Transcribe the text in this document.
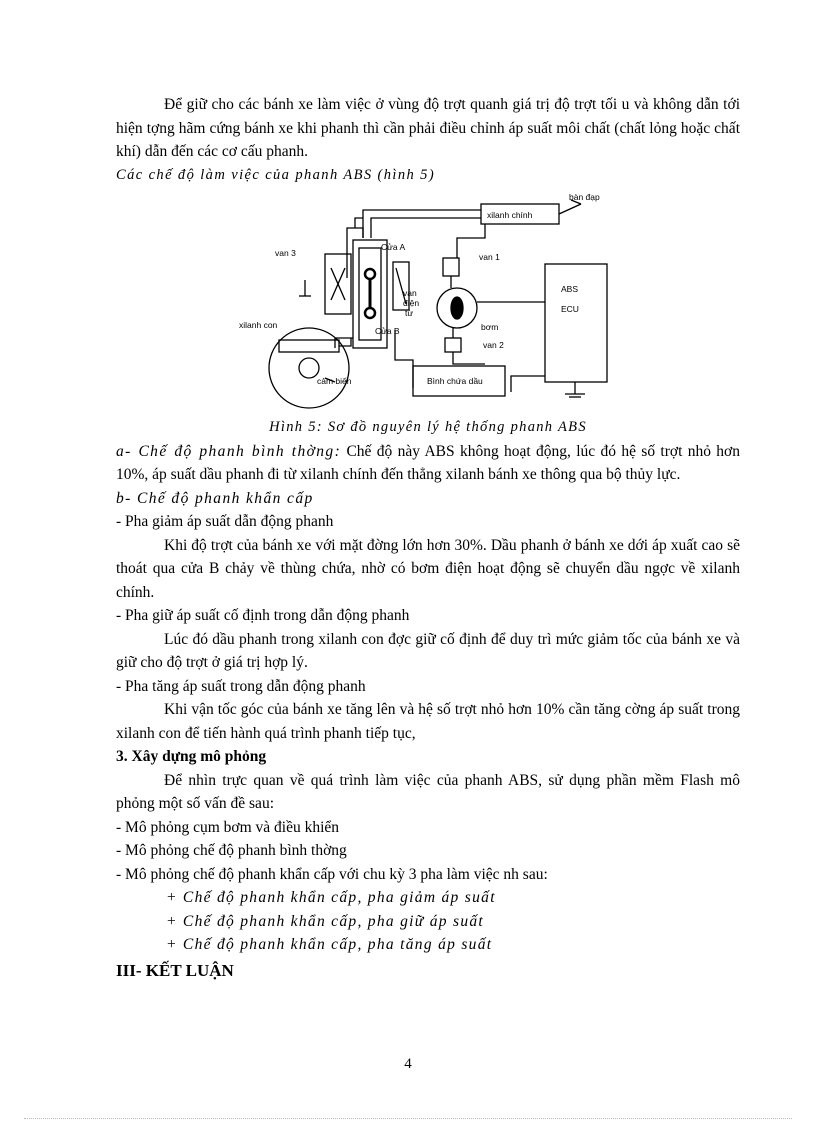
Để giữ cho các bánh xe làm việc ở vùng độ trợt quanh giá trị độ trợt tối u và không dẫn tới hiện tợng hãm cứng bánh xe khi phanh thì cần phải điều chỉnh áp suất môi chất (chất lỏng hoặc chất khí) dẫn đến các cơ cấu phanh.

Các chế độ làm việc của phanh ABS (hình 5)

bàn đạp
xilanh chính
van 3
Cửa A
van 1
ABS
ECU
van
điện
từ
xilanh con
Cửa B	bơm
van 2
cảm biến	Bình chứa dầu

Hình 5: Sơ đồ nguyên lý hệ thống phanh ABS

a- Chế độ phanh bình thờng: Chế độ này ABS không hoạt động, lúc đó hệ số trợt nhỏ hơn 10%, áp suất dầu phanh đi từ xilanh chính đến thẳng xilanh bánh xe thông qua bộ thủy lực.

b- Chế độ phanh khẩn cấp

- Pha giảm áp suất dẫn động phanh

Khi độ trợt của bánh xe với mặt đờng lớn hơn 30%. Dầu phanh ở bánh xe dới áp xuất cao sẽ thoát qua cửa B chảy về thùng chứa, nhờ có bơm điện hoạt động sẽ chuyển dầu ngợc về xilanh chính.

- Pha giữ áp suất cố định trong dẫn động phanh

Lúc đó dầu phanh trong xilanh con đợc giữ cố định để duy trì mức giảm tốc của bánh xe và giữ cho độ trợt ở giá trị hợp lý.

- Pha tăng áp suất trong dẫn động phanh

Khi vận tốc góc của bánh xe tăng lên và hệ số trợt nhỏ hơn 10% cần tăng cờng áp suất trong xilanh con để tiến hành quá trình phanh tiếp tục,

3. Xây dựng mô phỏng

Để nhìn trực quan về quá trình làm việc của phanh ABS, sử dụng phần mềm Flash mô phỏng một số vấn đề sau:

- Mô phỏng cụm bơm và điều khiển

- Mô phỏng chế độ phanh bình thờng

- Mô phỏng chế độ phanh khẩn cấp với chu kỳ 3 pha làm việc nh sau:

+ Chế độ phanh khẩn cấp, pha giảm áp suất

+ Chế độ phanh khẩn cấp, pha giữ áp suất

+ Chế độ phanh khẩn cấp, pha tăng áp suất

III- KẾT LUẬN

4
